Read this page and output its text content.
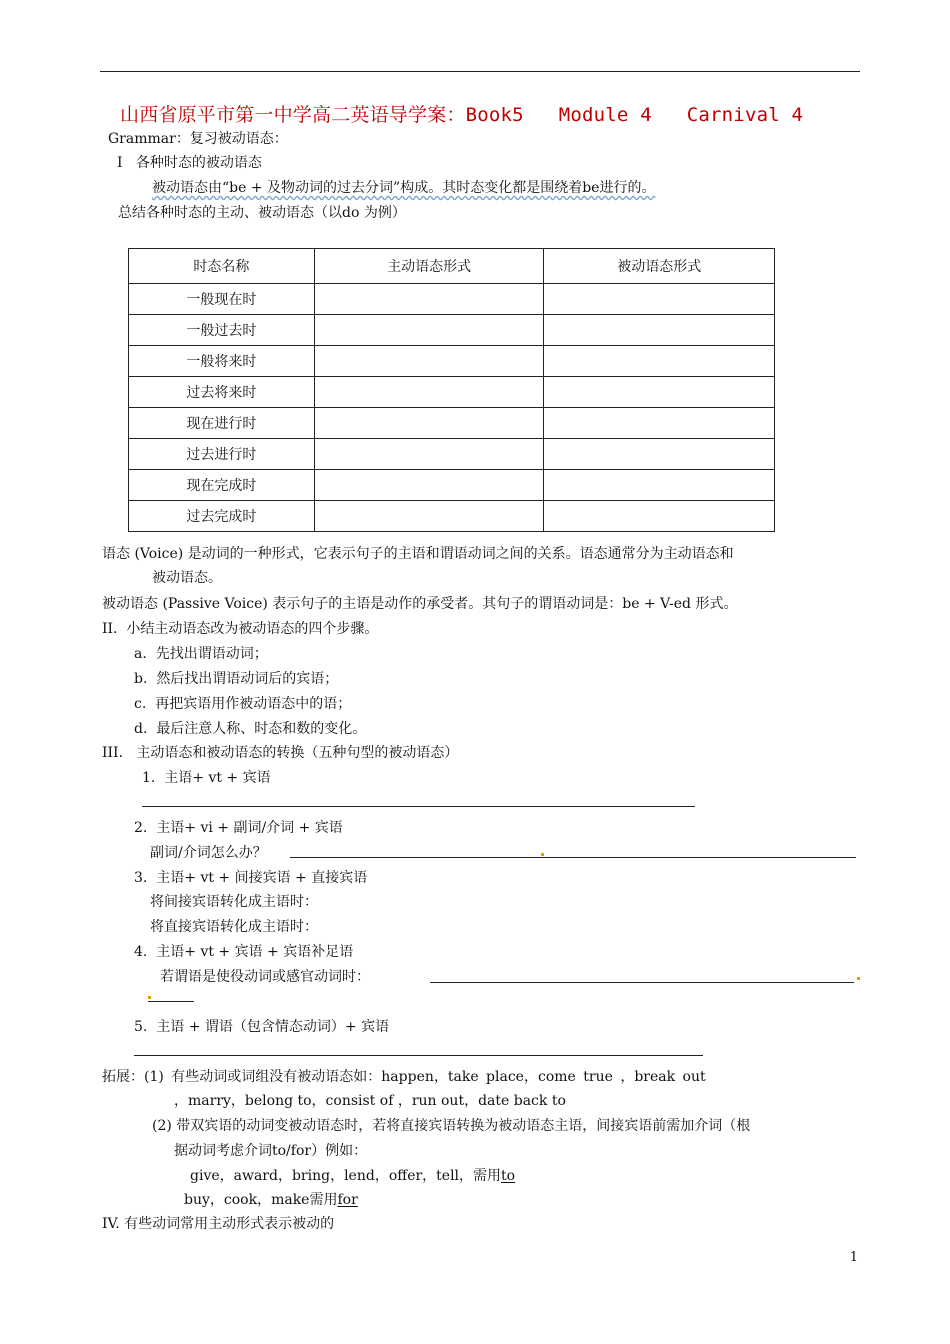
山西省原平市第一中学高二英语导学案：Book5   Module 4   Carnival 4
Grammar：复习被动语态：
I   各种时态的被动语态
被动语态由“be + 及物动词的过去分词”构成。其时态变化都是围绕着be进行的。
总结各种时态的主动、被动语态（以do 为例）
时态名称	主动语态形式	被动语态形式
一般现在时		
一般过去时		
一般将来时		
过去将来时		
现在进行时		
过去进行时		
现在完成时		
过去完成时		
语态 (Voice) 是动词的一种形式，它表示句子的主语和谓语动词之间的关系。语态通常分为主动语态和
被动语态。
被动语态 (Passive Voice) 表示句子的主语是动作的承受者。其句子的谓语动词是：be + V-ed 形式。
II.  小结主动语态改为被动语态的四个步骤。
a.  先找出谓语动词；
b.  然后找出谓语动词后的宾语；
c.  再把宾语用作被动语态中的语；
d.  最后注意人称、时态和数的变化。
III.   主动语态和被动语态的转换（五种句型的被动语态）
1.  主语+ vt + 宾语
2.  主语+ vi + 副词/介词 + 宾语
副词/介词怎么办？
3.  主语+ vt + 间接宾语 + 直接宾语
将间接宾语转化成主语时：
将直接宾语转化成主语时：
4.  主语+ vt + 宾语 + 宾语补足语
若谓语是使役动词或感官动词时：
5.  主语 + 谓语（包含情态动词）+ 宾语
拓展：(1) 有些动词或词组没有被动语态如：happen，take place，come true ，break out
，marry，belong to，consist of ，run out，date back to
(2) 带双宾语的动词变被动语态时，若将直接宾语转换为被动语态主语，间接宾语前需加介词（根
据动词考虑介词to/for）例如：
give，award，bring，lend，offer，tell，需用to
buy，cook，make需用for
IV. 有些动词常用主动形式表示被动的
1
